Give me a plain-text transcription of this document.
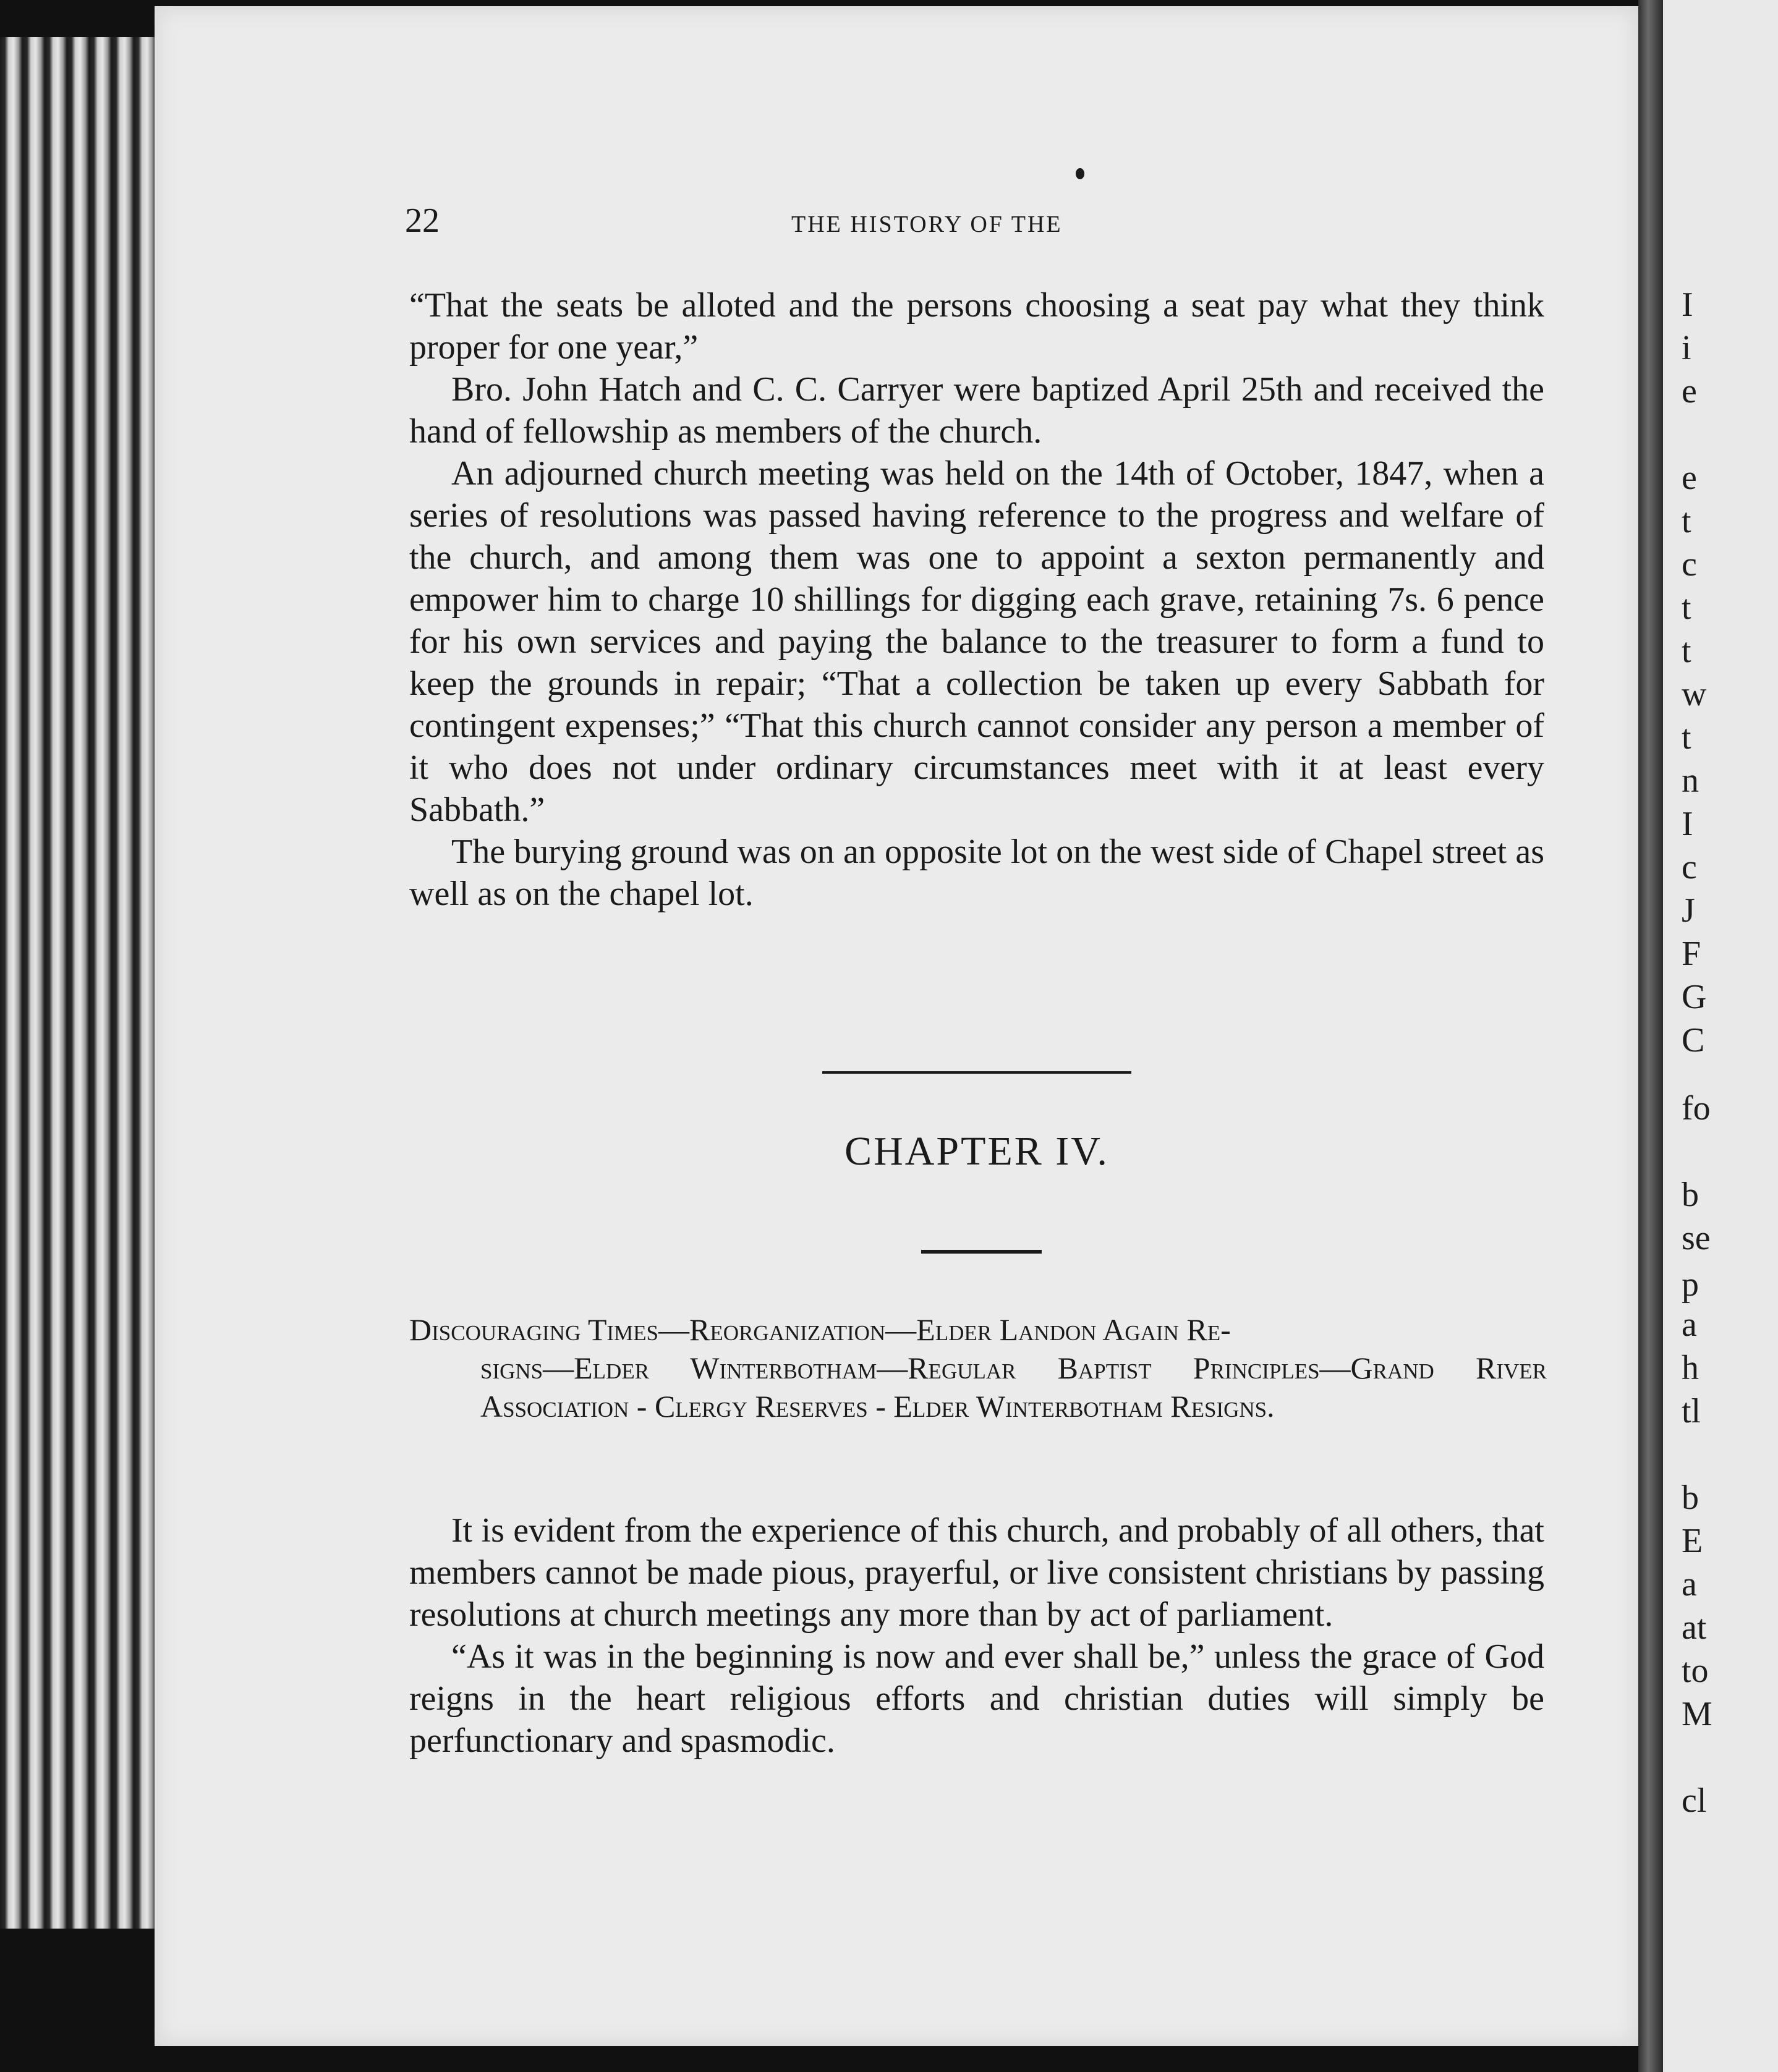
I
i
e
e
t
c
t
t
w
t
n
I
c
J
F
G
C
fo
b
se
p
a
h
tl
b
E
a
at
to
M
cl
22	THE HISTORY OF THE

“That the seats be alloted and the persons choosing a seat pay what they think proper for one year,”

Bro. John Hatch and C. C. Carryer were baptized April 25th and received the hand of fellowship as members of the church.

An adjourned church meeting was held on the 14th of October, 1847, when a series of resolutions was passed having reference to the progress and welfare of the church, and among them was one to appoint a sexton permanently and empower him to charge 10 shillings for digging each grave, retaining 7s. 6 pence for his own services and paying the balance to the treasurer to form a fund to keep the grounds in repair; “That a collection be taken up every Sabbath for contingent expenses;” “That this church cannot consider any person a member of it who does not under ordinary circumstances meet with it at least every Sabbath.”

The burying ground was on an opposite lot on the west side of Chapel street as well as on the chapel lot.

CHAPTER IV.
Discouraging Times—Reorganization—Elder Landon Again Re-
signs—Elder Winterbotham—Regular Baptist Principles—Grand River Association - Clergy Reserves - Elder Winterbotham Resigns.

It is evident from the experience of this church, and probably of all others, that members cannot be made pious, prayerful, or live consistent christians by passing resolutions at church meetings any more than by act of parliament.

“As it was in the beginning is now and ever shall be,” unless the grace of God reigns in the heart religious efforts and christian duties will simply be perfunctionary and spasmodic.
